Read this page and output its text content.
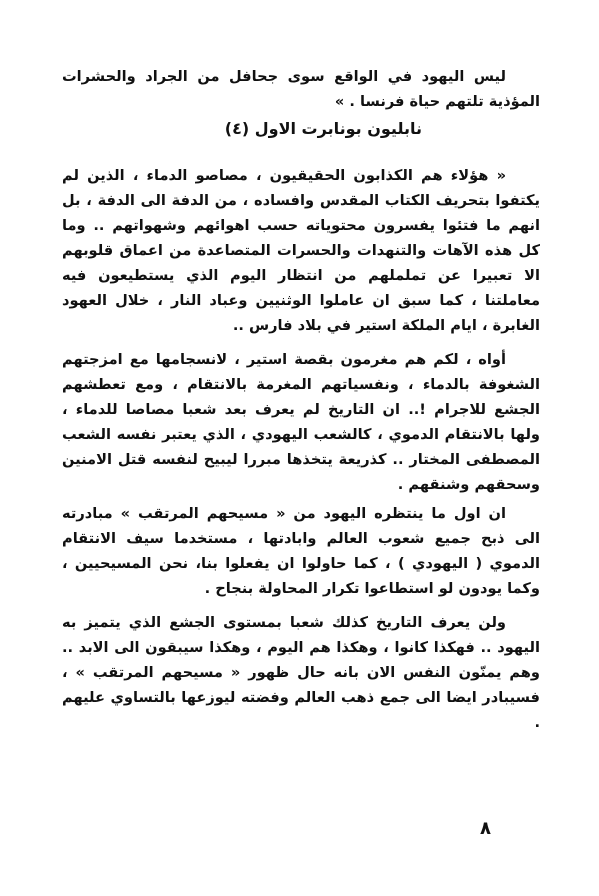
ليس اليهود في الواقع سوى جحافل من الجراد والحشرات المؤذية تلتهم حياة فرنسا . »

نابليون بونابرت الاول (٤)

« هؤلاء هم الكذابون الحقيقيون ، مصاصو الدماء ، الذين لم يكتفوا بتحريف الكتاب المقدس وافساده ، من الدفة الى الدفة ، بل انهم ما فتئوا يفسرون محتوياته حسب اهوائهم وشهواتهم .. وما كل هذه الآهات والتنهدات والحسرات المتصاعدة من اعماق قلوبهم الا تعبيرا عن تململهم من انتظار اليوم الذي يستطيعون فيه معاملتنا ، كما سبق ان عاملوا الوثنيين وعباد النار ، خلال العهود الغابرة ، ايام الملكة استير في بلاد فارس ..

أواه ، لكم هم مغرمون بقصة استير ، لانسجامها مع امزجتهم الشغوفة بالدماء ، ونفسياتهم المغرمة بالانتقام ، ومع تعطشهم الجشع للاجرام !.. ان التاريخ لم يعرف بعد شعبا مصاصا للدماء ، ولها بالانتقام الدموي ، كالشعب اليهودي ، الذي يعتبر نفسه الشعب المصطفى المختار .. كذريعة يتخذها مبررا ليبيح لنفسه قتل الامنين وسحقهم وشنقهم .

ان اول ما ينتظره اليهود من « مسيحهم المرتقب » مبادرته الى ذبح جميع شعوب العالم وابادتها ، مستخدما سيف الانتقام الدموي ( اليهودي ) ، كما حاولوا ان يفعلوا بنا، نحن المسيحيين ، وكما يودون لو استطاعوا تكرار المحاولة بنجاح .

ولن يعرف التاريخ كذلك شعبا بمستوى الجشع الذي يتميز به اليهود .. فهكذا كانوا ، وهكذا هم اليوم ، وهكذا سيبقون الى الابد .. وهم يمنّون النفس الان بانه حال ظهور « مسيحهم المرتقب » ، فسيبادر ايضا الى جمع ذهب العالم وفضته ليوزعها بالتساوي عليهم .

٨
